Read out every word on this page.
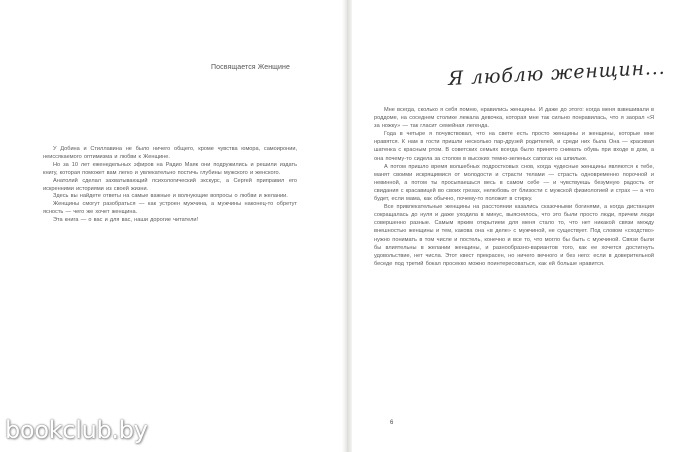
Посвящается Женщине

У Добина и Стиллавина не было ничего общего, кроме чувства юмора, самоиронии, неиссякаемого оптимизма и любви к Женщине.

Но за 10 лет еженедельных эфиров на Радио Маяк они подружились и решили издать книгу, которая поможет вам легко и увлекательно постичь глубины мужского и женского.

Анатолий сделал захватывающий психологический экскурс, а Сергей приправил его искренними историями из своей жизни.

Здесь вы найдете ответы на самые важные и волнующие вопросы о любви и желании.

Женщины смогут разобраться — как устроен мужчина, а мужчины наконец-то обретут ясность — чего же хочет женщина.

Эта книга — о вас и для вас, наши дорогие читатели!

Я люблю женщин...

Мне всегда, сколько я себя помню, нравились женщины. И даже до этого: когда меня взвешивали в роддоме, на соседнем столике лежала девочка, которая мне так сильно понравилась, что я заорал «Я за ножку» — так гласит семейная легенда.

Года в четыре я почувствовал, что на свете есть просто женщины и женщины, которые мне нравятся. К нам в гости пришли несколько пар-друзей родителей, и среди них была Она — красивая шатенка с красным ртом. В советских семьях всегда было принято снимать обувь при входе в дом, а она почему-то сидела за столом в высоких темно-зеленых сапогах на шпильке.

А потом пришло время волшебных подростковых снов, когда чудесные женщины являются к тебе, манят своими искрящимися от молодости и страсти телами — страсть одновременно порочной и невинной, а потом ты просыпаешься весь в самом себе — и чувствуешь безумную радость от свидания с красавицей во своих грезах, нелюбовь от близости с мужской физиологией и страх — а что будет, если мама, как обычно, почему-то положит в стирку.

Все привлекательные женщины на расстоянии казались сказочными богинями, а когда дистанция сокращалась до нуля и даже уходила в минус, выяснялось, что это были просто люди, причем люди совершенно разные. Самым ярким открытием для меня стало то, что нет никакой связи между внешностью женщины и тем, какова она «в деле» с мужчиной, не существует. Под словом «сходство» нужно понимать в том числе и постель, конечно и все то, что могло бы быть с мужчиной. Связи были бы влиятельны в желании женщины, и разнообразно-вариантов того, как ее хочется достигнуть удовольствие, нет числа. Этот квест прекрасен, но ничего вечного и без него: если в доверительной беседе под третий бокал просекко можно поинтересоваться, как ей больше нравится.

6
bookclub.by
